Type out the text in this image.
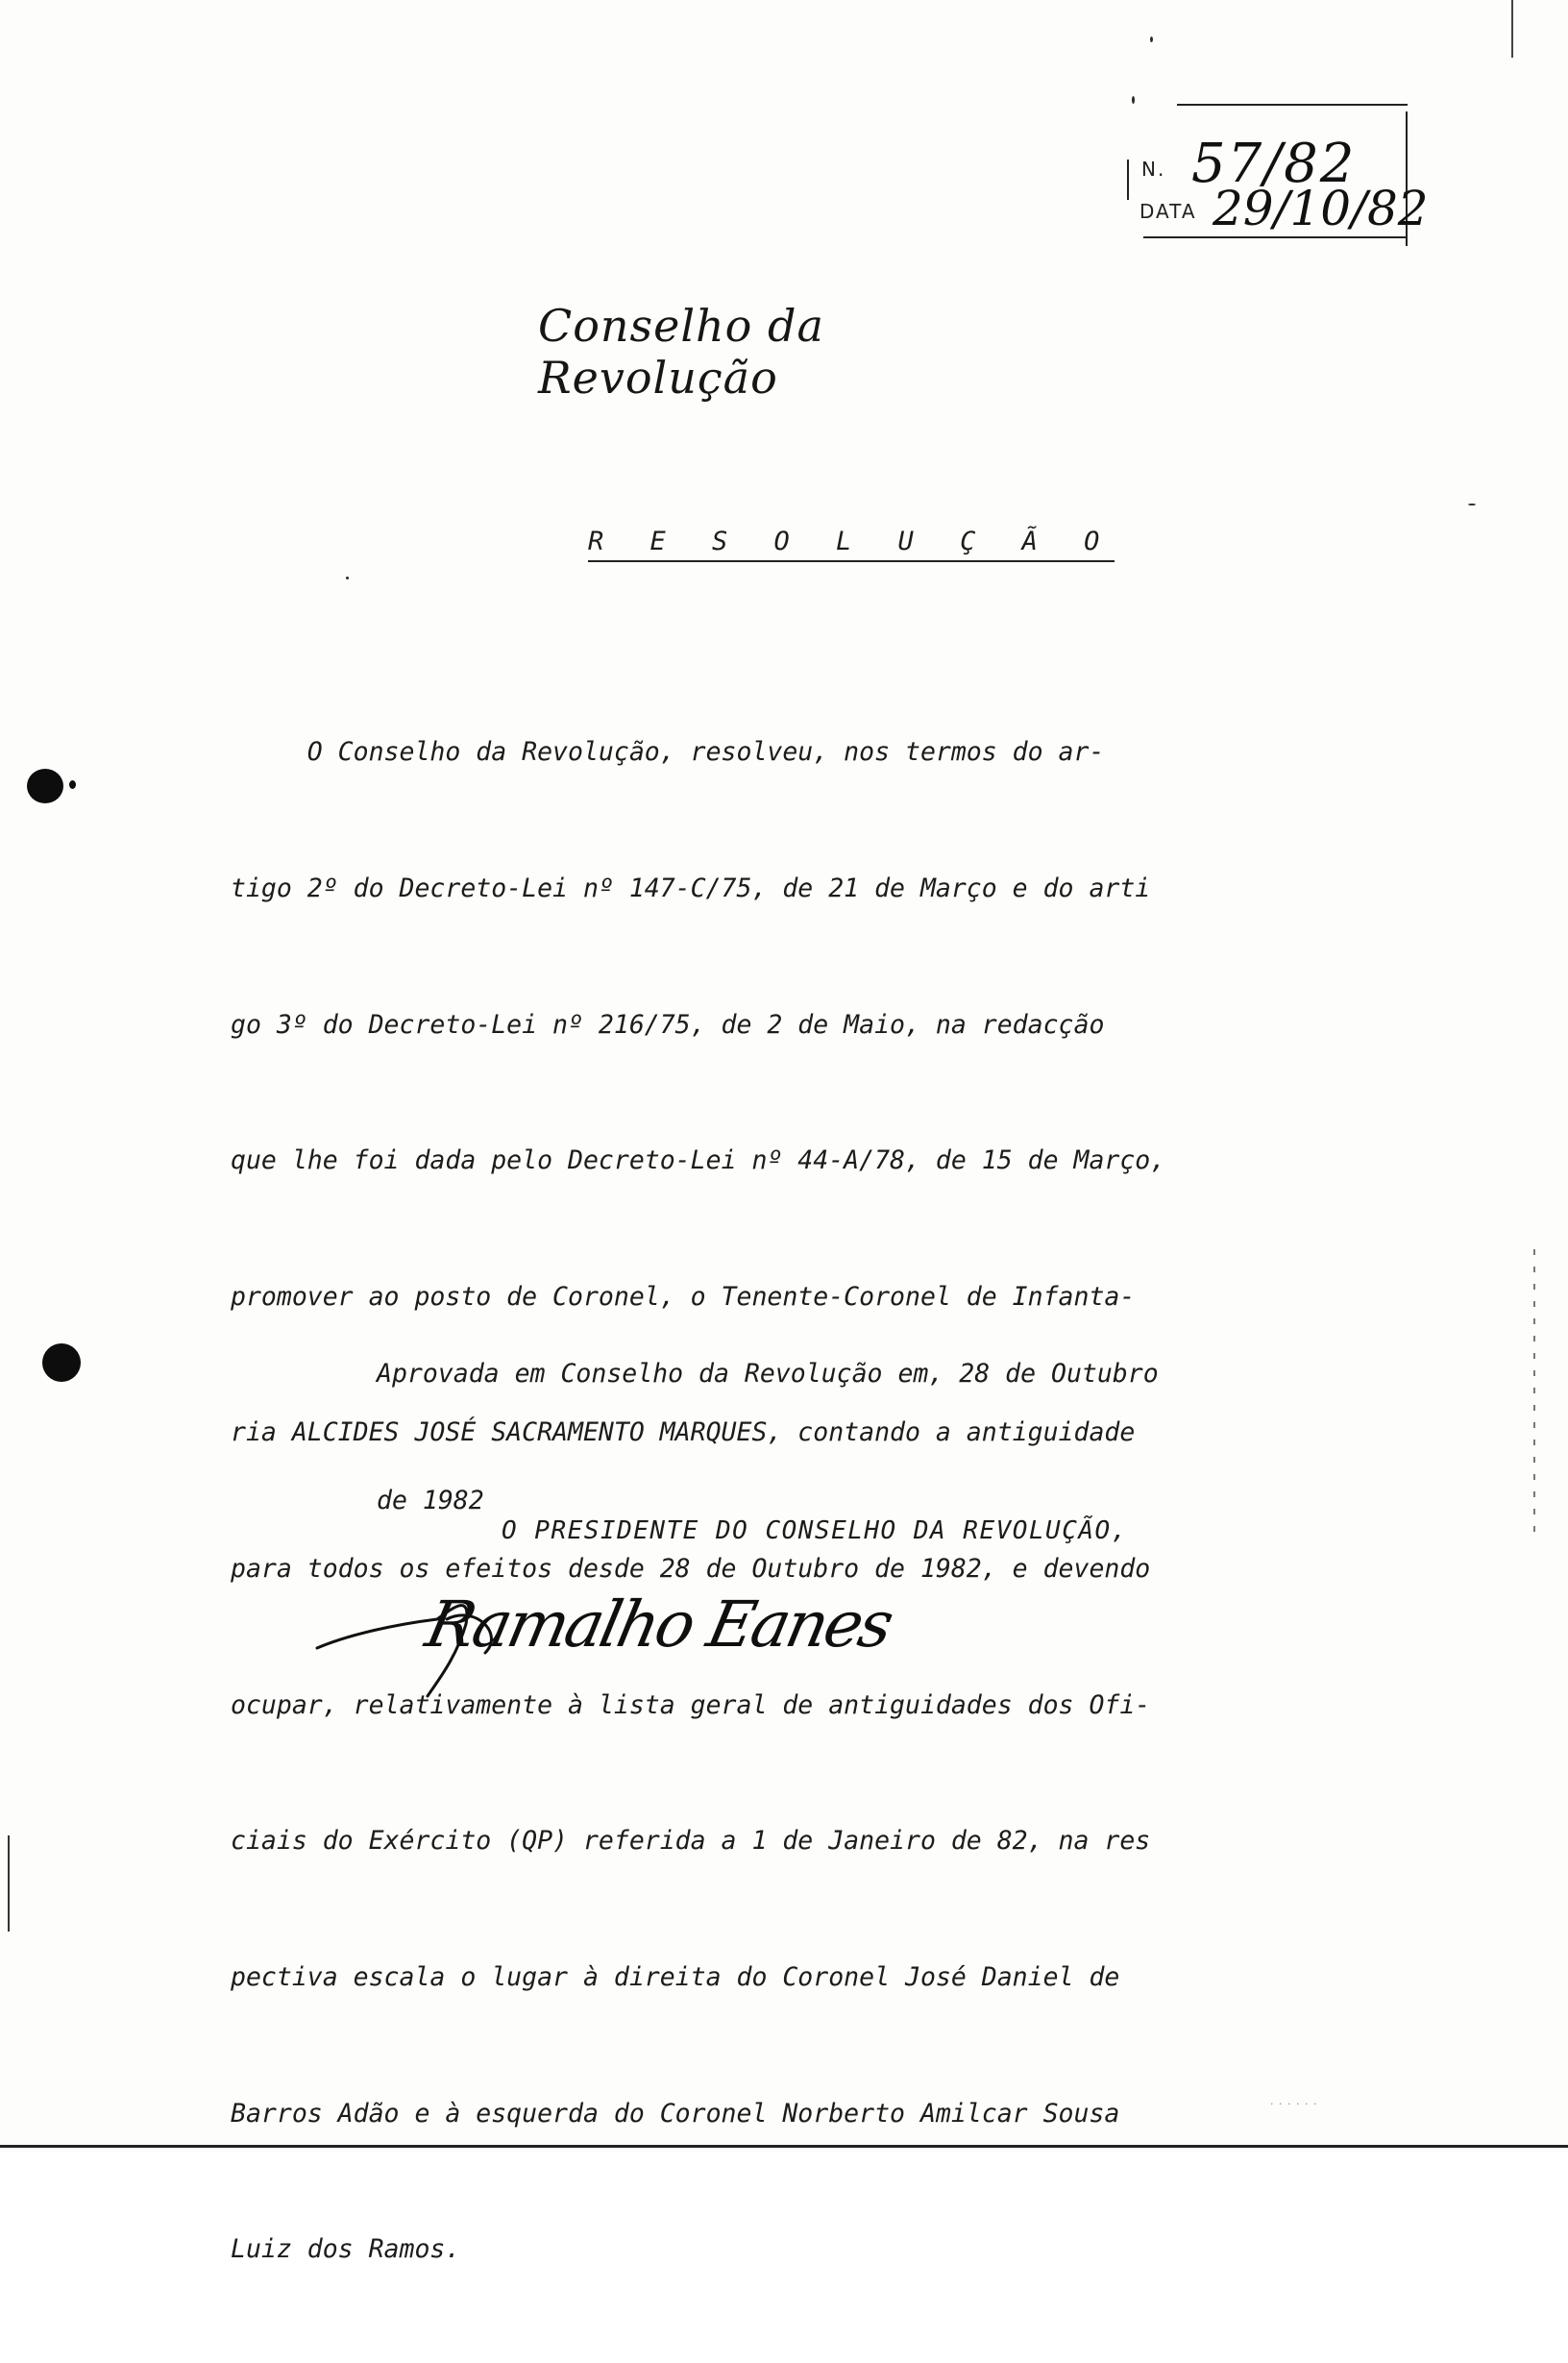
N. 57/82
DATA 29/10/82
Conselho da Revolução
R E S O L U Ç Ã O

O Conselho da Revolução, resolveu, nos termos do ar-

tigo 2º do Decreto-Lei nº 147-C/75, de 21 de Março e do arti

go 3º do Decreto-Lei nº 216/75, de 2 de Maio, na redacção

que lhe foi dada pelo Decreto-Lei nº 44-A/78, de 15 de Março,

promover ao posto de Coronel, o Tenente-Coronel de Infanta-

ria ALCIDES JOSÉ SACRAMENTO MARQUES, contando a antiguidade

para todos os efeitos desde 28 de Outubro de 1982, e devendo

ocupar, relativamente à lista geral de antiguidades dos Ofi-

ciais do Exército (QP) referida a 1 de Janeiro de 82, na res

pectiva escala o lugar à direita do Coronel José Daniel de

Barros Adão e à esquerda do Coronel Norberto Amilcar Sousa

Luiz dos Ramos.

Aprovada em Conselho da Revolução em, 28 de Outubro

de 1982

O PRESIDENTE DO CONSELHO DA REVOLUÇÃO,
Ramalho Eanes
· · · · · ·
